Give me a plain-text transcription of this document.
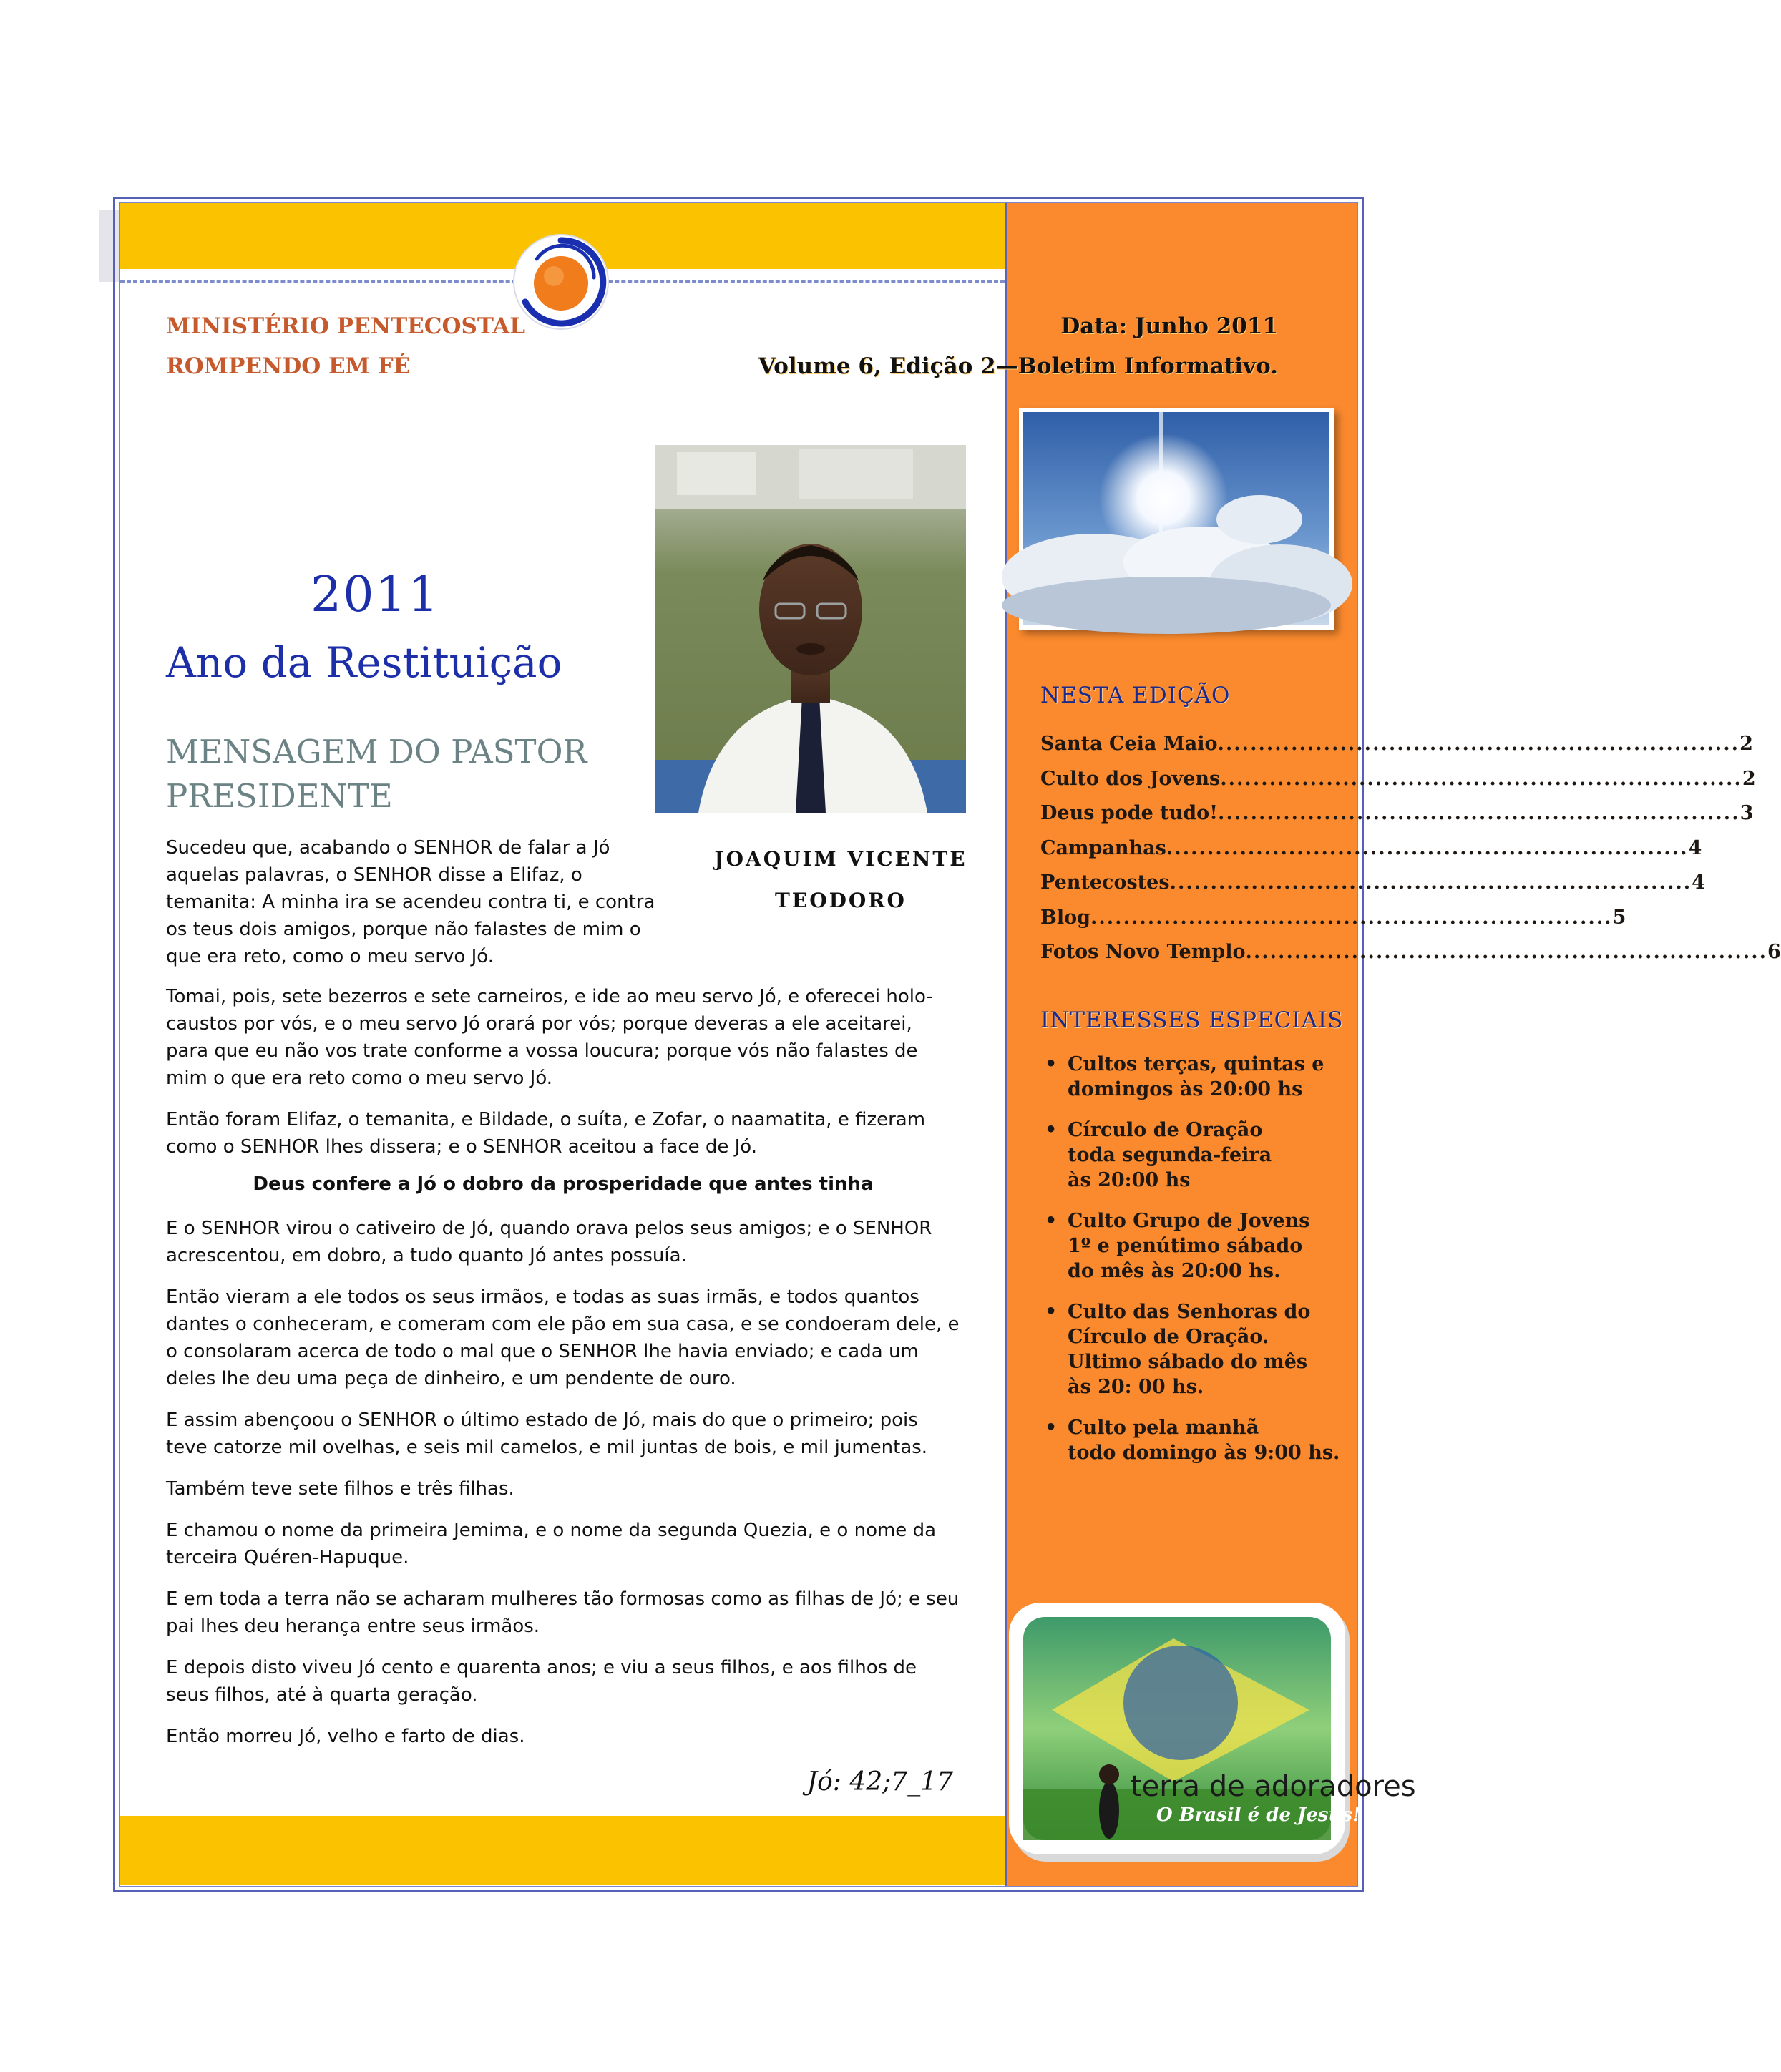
MINISTÉRIO PENTECOSTAL
ROMPENDO EM FÉ
Data: Junho 2011
Volume 6, Edição 2—Boletim Informativo.
2011
Ano da Restituição
MENSAGEM DO PASTOR PRESIDENTE
JOAQUIM VICENTE
TEODORO

Sucedeu que, acabando o SENHOR de falar a Jó aquelas palavras, o SENHOR disse a Elifaz, o temanita: A minha ira se acendeu contra ti, e contra os teus dois amigos, porque não falastes de mim o que era reto, como o meu servo Jó.

Tomai, pois, sete bezerros e sete carneiros, e ide ao meu servo Jó, e oferecei holo-caustos por vós, e o meu servo Jó orará por vós; porque deveras a ele aceitarei, para que eu não vos trate conforme a vossa loucura; porque vós não falastes de mim o que era reto como o meu servo Jó.

Então foram Elifaz, o temanita, e Bildade, o suíta, e Zofar, o naamatita, e fizeram como o SENHOR lhes dissera; e o SENHOR aceitou a face de Jó.

Deus confere a Jó o dobro da prosperidade que antes tinha

E o SENHOR virou o cativeiro de Jó, quando orava pelos seus amigos; e o SENHOR acrescentou, em dobro, a tudo quanto Jó antes possuía.

Então vieram a ele todos os seus irmãos, e todas as suas irmãs, e todos quantos dantes o conheceram, e comeram com ele pão em sua casa, e se condoeram dele, e o consolaram acerca de todo o mal que o SENHOR lhe havia enviado; e cada um deles lhe deu uma peça de dinheiro, e um pendente de ouro.

E assim abençoou o SENHOR o último estado de Jó, mais do que o primeiro; pois teve catorze mil ovelhas, e seis mil camelos, e mil juntas de bois, e mil jumentas.

Também teve sete filhos e três filhas.

E chamou o nome da primeira Jemima, e o nome da segunda Quezia, e o nome da terceira Quéren-Hapuque.

E em toda a terra não se acharam mulheres tão formosas como as filhas de Jó; e seu pai lhes deu herança entre seus irmãos.

E depois disto viveu Jó cento e quarenta anos; e viu a seus filhos, e aos filhos de seus filhos, até à quarta geração.

Então morreu Jó, velho e farto de dias.

Jó: 42;7_17
NESTA EDIÇÃO
Santa Ceia Maio .....	2
Culto dos Jovens .....	2
Deus pode tudo! .....	3
Campanhas .....	4
Pentecostes .....	4
Blog .....	5
Fotos Novo Templo .....	6
INTERESSES ESPECIAIS
• Cultos terças, quintas e domingos às 20:00 hs
• Círculo de Oração
toda segunda-feira
às 20:00 hs
• Culto Grupo de Jovens
1º e penútimo sábado
do mês às 20:00 hs.
• Culto das Senhoras do Círculo de Oração.
Ultimo sábado do mês
às 20: 00 hs.
• Culto pela manhã
todo domingo às 9:00 hs.
terra de adoradores
O Brasil é de Jesus!
